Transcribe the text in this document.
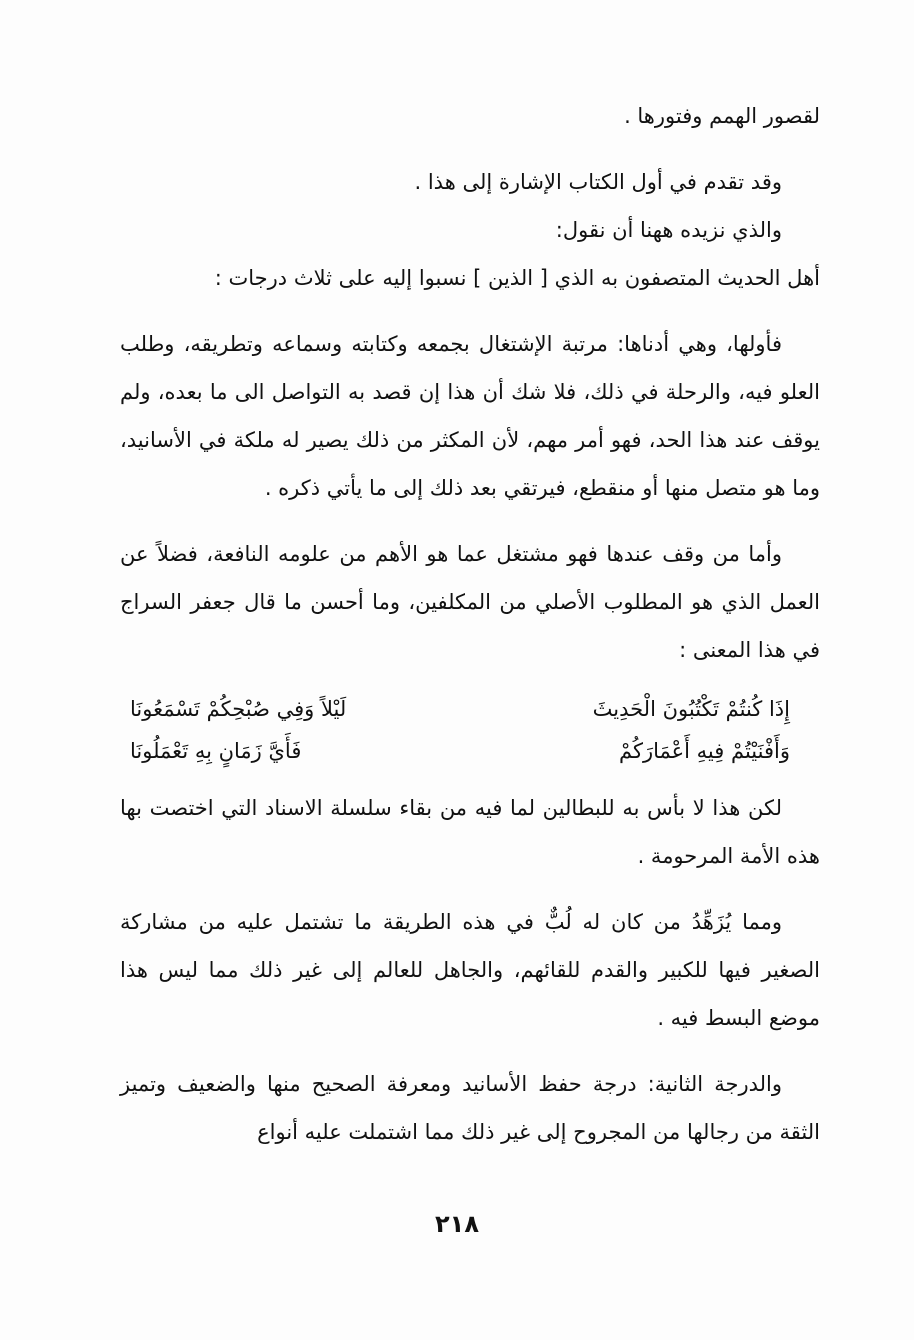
لقصور الهمم وفتورها .

وقد تقدم في أول الكتاب الإشارة إلى هذا .

والذي نزيده ههنا أن نقول:

أهل الحديث المتصفون به الذي [ الذين ] نسبوا إليه على ثلاث درجات :

فأولها، وهي أدناها: مرتبة الإشتغال بجمعه وكتابته وسماعه وتطريقه، وطلب العلو فيه، والرحلة في ذلك، فلا شك أن هذا إن قصد به التواصل الى ما بعده، ولم يوقف عند هذا الحد، فهو أمر مهم، لأن المكثر من ذلك يصير له ملكة في الأسانيد، وما هو متصل منها أو منقطع، فيرتقي بعد ذلك إلى ما يأتي ذكره .

وأما من وقف عندها فهو مشتغل عما هو الأهم من علومه النافعة، فضلاً عن العمل الذي هو المطلوب الأصلي من المكلفين، وما أحسن ما قال جعفر السراج في هذا المعنى :

إِذَا كُنتُمْ تَكْتُبُونَ الْحَدِيثَ
لَيْلاً وَفِي صُبْحِكُمْ تَسْمَعُونَا
وَأَفْنَيْتُمْ فِيهِ أَعْمَارَكُمْ
فَأَيَّ زَمَانٍ بِهِ تَعْمَلُونَا

لكن هذا لا بأس به للبطالين لما فيه من بقاء سلسلة الاسناد التي اختصت بها هذه الأمة المرحومة .

ومما يُزَهِّدُ من كان له لُبٌّ في هذه الطريقة ما تشتمل عليه من مشاركة الصغير فيها للكبير والقدم للقائهم، والجاهل للعالم إلى غير ذلك مما ليس هذا موضع البسط فيه .

والدرجة الثانية: درجة حفظ الأسانيد ومعرفة الصحيح منها والضعيف وتميز الثقة من رجالها من المجروح إلى غير ذلك مما اشتملت عليه أنواع

٢١٨
